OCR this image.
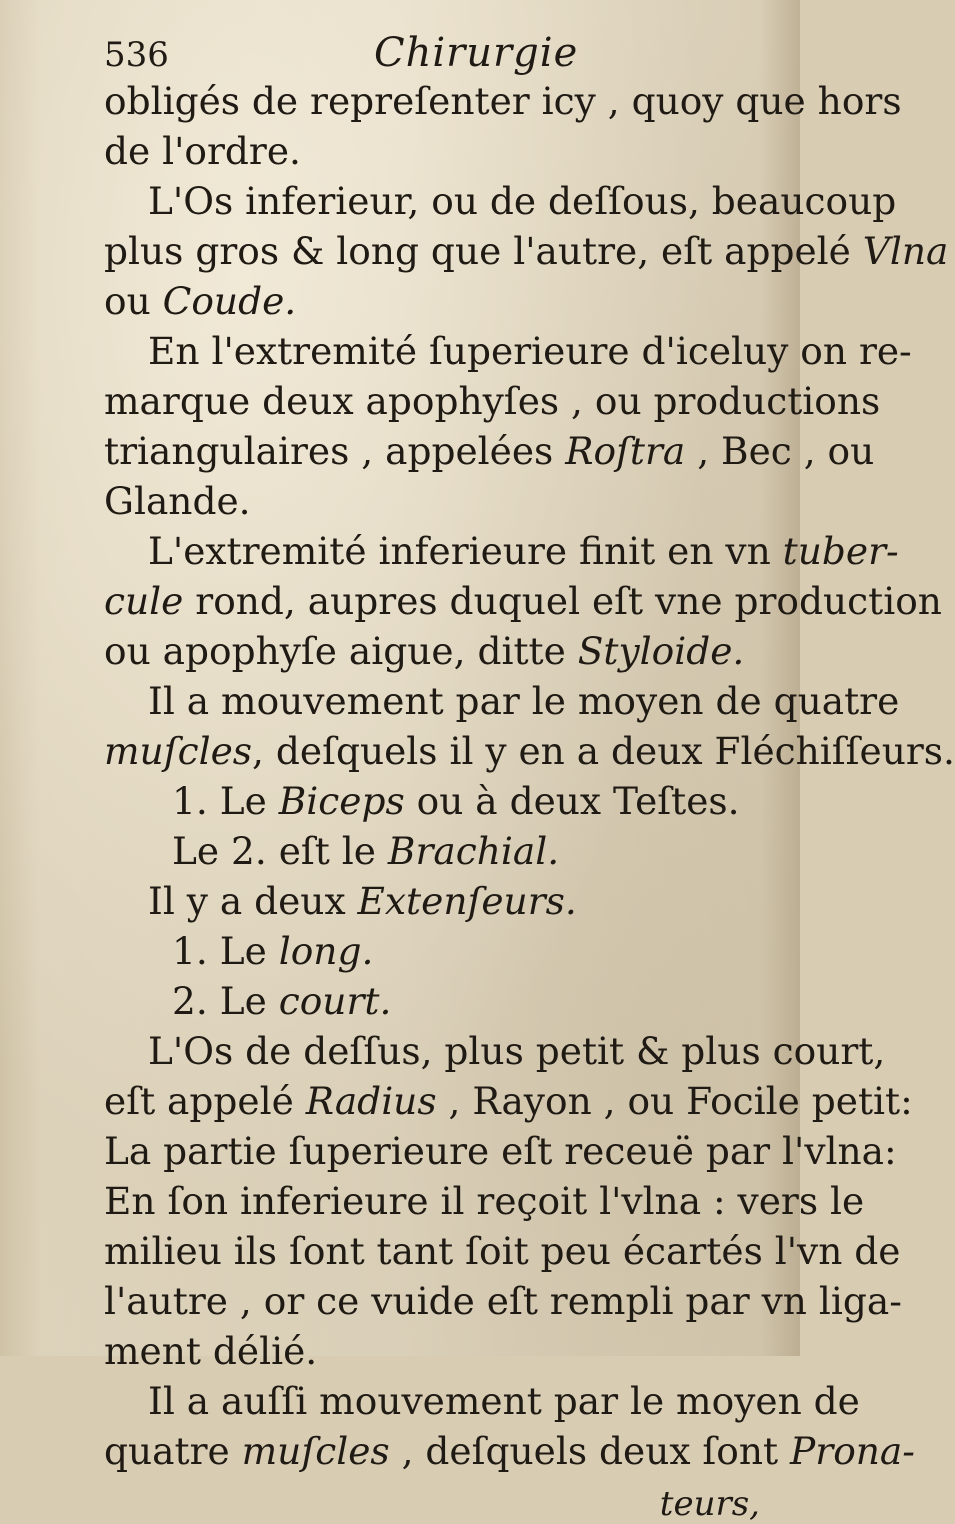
536	Chirurgie
obligés de repreſenter icy , quoy que hors
de l'ordre.
L'Os inferieur, ou de deſſous, beaucoup
plus gros & long que l'autre, eſt appelé Vlna
ou Coude.
En l'extremité ſuperieure d'iceluy on re-
marque deux apophyſes , ou productions
triangulaires , appelées Roſtra , Bec , ou
Glande.
L'extremité inferieure finit en vn tuber-
cule rond, aupres duquel eſt vne production
ou apophyſe aigue, ditte Styloide.
Il a mouvement par le moyen de quatre
muſcles, deſquels il y en a deux Fléchiſſeurs.
1. Le Biceps ou à deux Teſtes.
Le 2. eſt le Brachial.
Il y a deux Extenſeurs.
1. Le long.
2. Le court.
L'Os de deſſus, plus petit & plus court,
eſt appelé Radius , Rayon , ou Focile petit:
La partie ſuperieure eſt receuë par l'vlna:
En ſon inferieure il reçoit l'vlna : vers le
milieu ils ſont tant ſoit peu écartés l'vn de
l'autre , or ce vuide eſt rempli par vn liga-
ment délié.
Il a auſſi mouvement par le moyen de
quatre muſcles , deſquels deux ſont Prona-
teurs,
